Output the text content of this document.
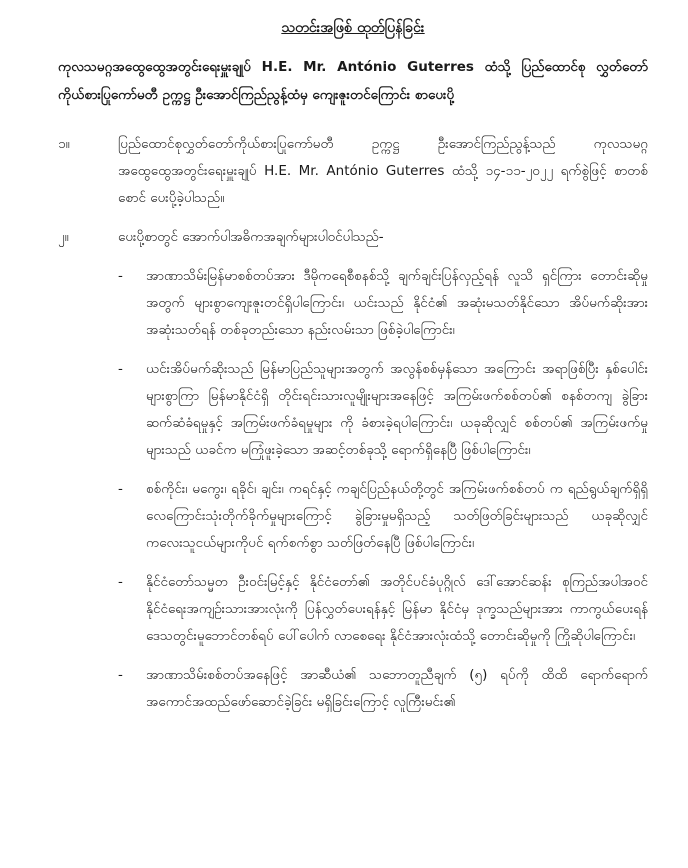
သတင်းအဖြစ် ထုတ်ပြန်ခြင်း
ကုလသမဂ္ဂအထွေထွေအတွင်းရေးမှူးချုပ် H.E. Mr. António Guterres ထံသို့ ပြည်ထောင်စု လွှတ်တော်ကိုယ်စားပြုကော်မတီ ဥက္ကဋ္ဌ ဦးအောင်ကြည်ညွန့်ထံမှ ကျေးဇူးတင်ကြောင်း စာပေးပို့
၁။	ပြည်ထောင်စုလွှတ်တော်ကိုယ်စားပြုကော်မတီ ဥက္ကဋ္ဌ ဦးအောင်ကြည်ညွန့်သည် ကုလသမဂ္ဂအထွေထွေအတွင်းရေးမှူးချုပ် H.E. Mr. António Guterres ထံသို့ ၁၄-၁၁-၂၀၂၂ ရက်စွဲဖြင့် စာတစ်စောင် ပေးပို့ခဲ့ပါသည်။
၂။	ပေးပို့စာတွင် အောက်ပါအဓိကအချက်များပါဝင်ပါသည်-
-	အာဏာသိမ်းမြန်မာစစ်တပ်အား ဒီမိုကရေစီစနစ်သို့ ချက်ချင်းပြန်လှည့်ရန် လူသိ ရှင်ကြား တောင်းဆိုမှုအတွက် များစွာကျေးဇူးတင်ရှိပါကြောင်း၊ ယင်းသည် နိုင်ငံ၏ အဆုံးမသတ်နိုင်သော အိပ်မက်ဆိုးအား အဆုံးသတ်ရန် တစ်ခုတည်းသော နည်းလမ်းသာ ဖြစ်ခဲ့ပါကြောင်း၊
-	ယင်းအိပ်မက်ဆိုးသည် မြန်မာပြည်သူများအတွက် အလွန်စစ်မှန်သော အကြောင်း အရာဖြစ်ပြီး နှစ်ပေါင်းများစွာကြာ မြန်မာနိုင်ငံရှိ တိုင်းရင်းသားလူမျိုးများအနေဖြင့် အကြမ်းဖက်စစ်တပ်၏ စနစ်တကျ ခွဲခြားဆက်ဆံခံရမှုနှင့် အကြမ်းဖက်ခံရမှုများ ကို ခံစားခဲ့ရပါကြောင်း၊ ယခုဆိုလျှင် စစ်တပ်၏ အကြမ်းဖက်မှုများသည် ယခင်က မကြုံဖူးခဲ့သော အဆင့်တစ်ခုသို့ ရောက်ရှိနေပြီ ဖြစ်ပါကြောင်း၊
-	စစ်ကိုင်း၊ မကွေး၊ ရခိုင်၊ ချင်း၊ ကရင်နှင့် ကချင်ပြည်နယ်တို့တွင် အကြမ်းဖက်စစ်တပ် က ရည်ရွယ်ချက်ရှိရှိ လေကြောင်းသုံးတိုက်ခိုက်မှုများကြောင့် ခွဲခြားမှုမရှိသည့် သတ်ဖြတ်ခြင်းများသည် ယခုဆိုလျှင် ကလေးသူငယ်များကိုပင် ရက်စက်စွာ သတ်ဖြတ်နေပြီ ဖြစ်ပါကြောင်း၊
-	နိုင်ငံတော်သမ္မတ ဦးဝင်းမြင့်နှင့် နိုင်ငံတော်၏ အတိုင်ပင်ခံပုဂ္ဂိုလ် ဒေါ်အောင်ဆန်း စုကြည်အပါအဝင် နိုင်ငံရေးအကျဉ်းသားအားလုံးကို ပြန်လွှတ်ပေးရန်နှင့် မြန်မာ နိုင်ငံမှ ဒုက္ခသည်များအား ကာကွယ်ပေးရန် ဒေသတွင်းမူဘောင်တစ်ရပ် ပေါ်ပေါက် လာစေရေး နိုင်ငံအားလုံးထံသို့ တောင်းဆိုမှုကို ကြိုဆိုပါကြောင်း၊
-	အာဏာသိမ်းစစ်တပ်အနေဖြင့် အာဆီယံ၏ သဘောတူညီချက် (၅) ရပ်ကို ထိထိ ရောက်ရောက် အကောင်အထည်ဖော်ဆောင်ခဲ့ခြင်း မရှိခြင်းကြောင့် လူကြီးမင်း၏
